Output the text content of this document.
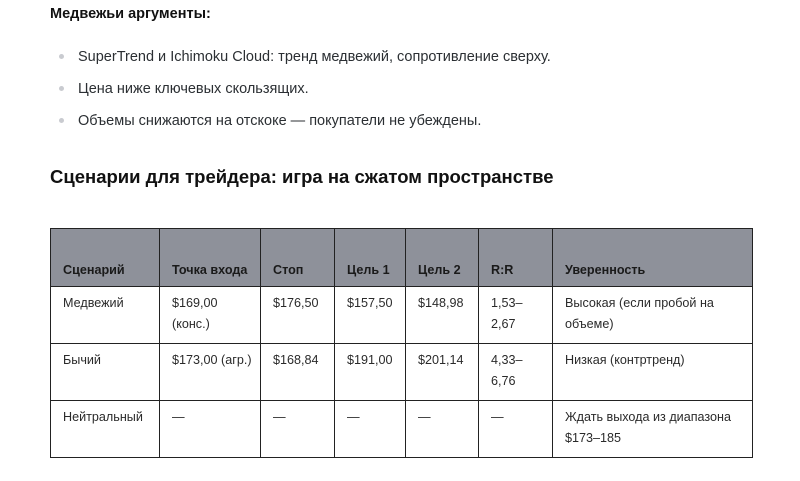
Медвежьи аргументы:
SuperTrend и Ichimoku Cloud: тренд медвежий, сопротивление сверху.
Цена ниже ключевых скользящих.
Объемы снижаются на отскоке — покупатели не убеждены.
Сценарии для трейдера: игра на сжатом пространстве
Сценарий	Точка входа	Стоп	Цель 1	Цель 2	R:R	Уверенность
Медвежий	$169,00 (конс.)	$176,50	$157,50	$148,98	1,53–2,67	Высокая (если пробой на объеме)
Бычий	$173,00 (агр.)	$168,84	$191,00	$201,14	4,33–6,76	Низкая (контртренд)
Нейтральный	—	—	—	—	—	Ждать выхода из диапазона $173–185
